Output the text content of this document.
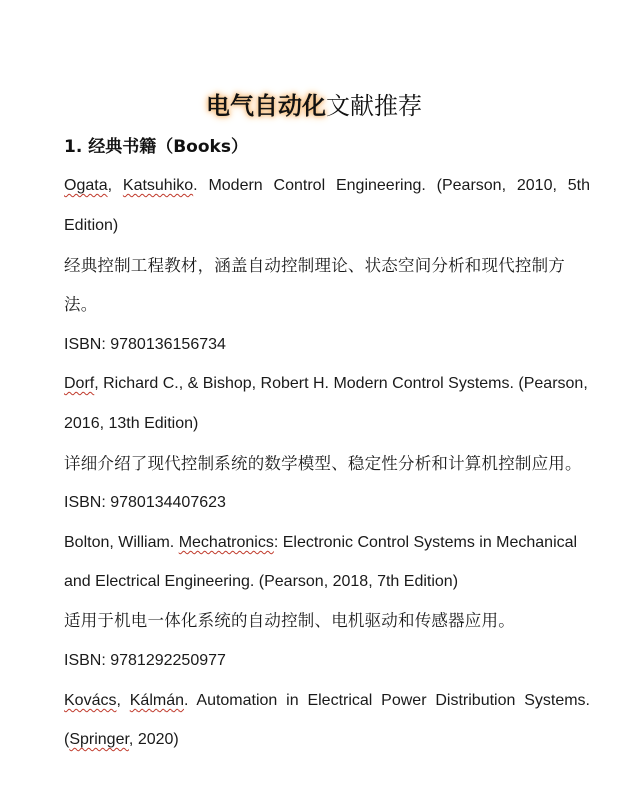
电气自动化文献推荐
1. 经典书籍（Books）
Ogata, Katsuhiko. Modern Control Engineering. (Pearson, 2010, 5th
Edition)
经典控制工程教材，涵盖自动控制理论、状态空间分析和现代控制方
法。
ISBN: 9780136156734
Dorf, Richard C., & Bishop, Robert H. Modern Control Systems. (Pearson,
2016, 13th Edition)
详细介绍了现代控制系统的数学模型、稳定性分析和计算机控制应用。
ISBN: 9780134407623
Bolton, William. Mechatronics: Electronic Control Systems in Mechanical
and Electrical Engineering. (Pearson, 2018, 7th Edition)
适用于机电一体化系统的自动控制、电机驱动和传感器应用。
ISBN: 9781292250977
Kovács, Kálmán. Automation in Electrical Power Distribution Systems.
(Springer, 2020)
